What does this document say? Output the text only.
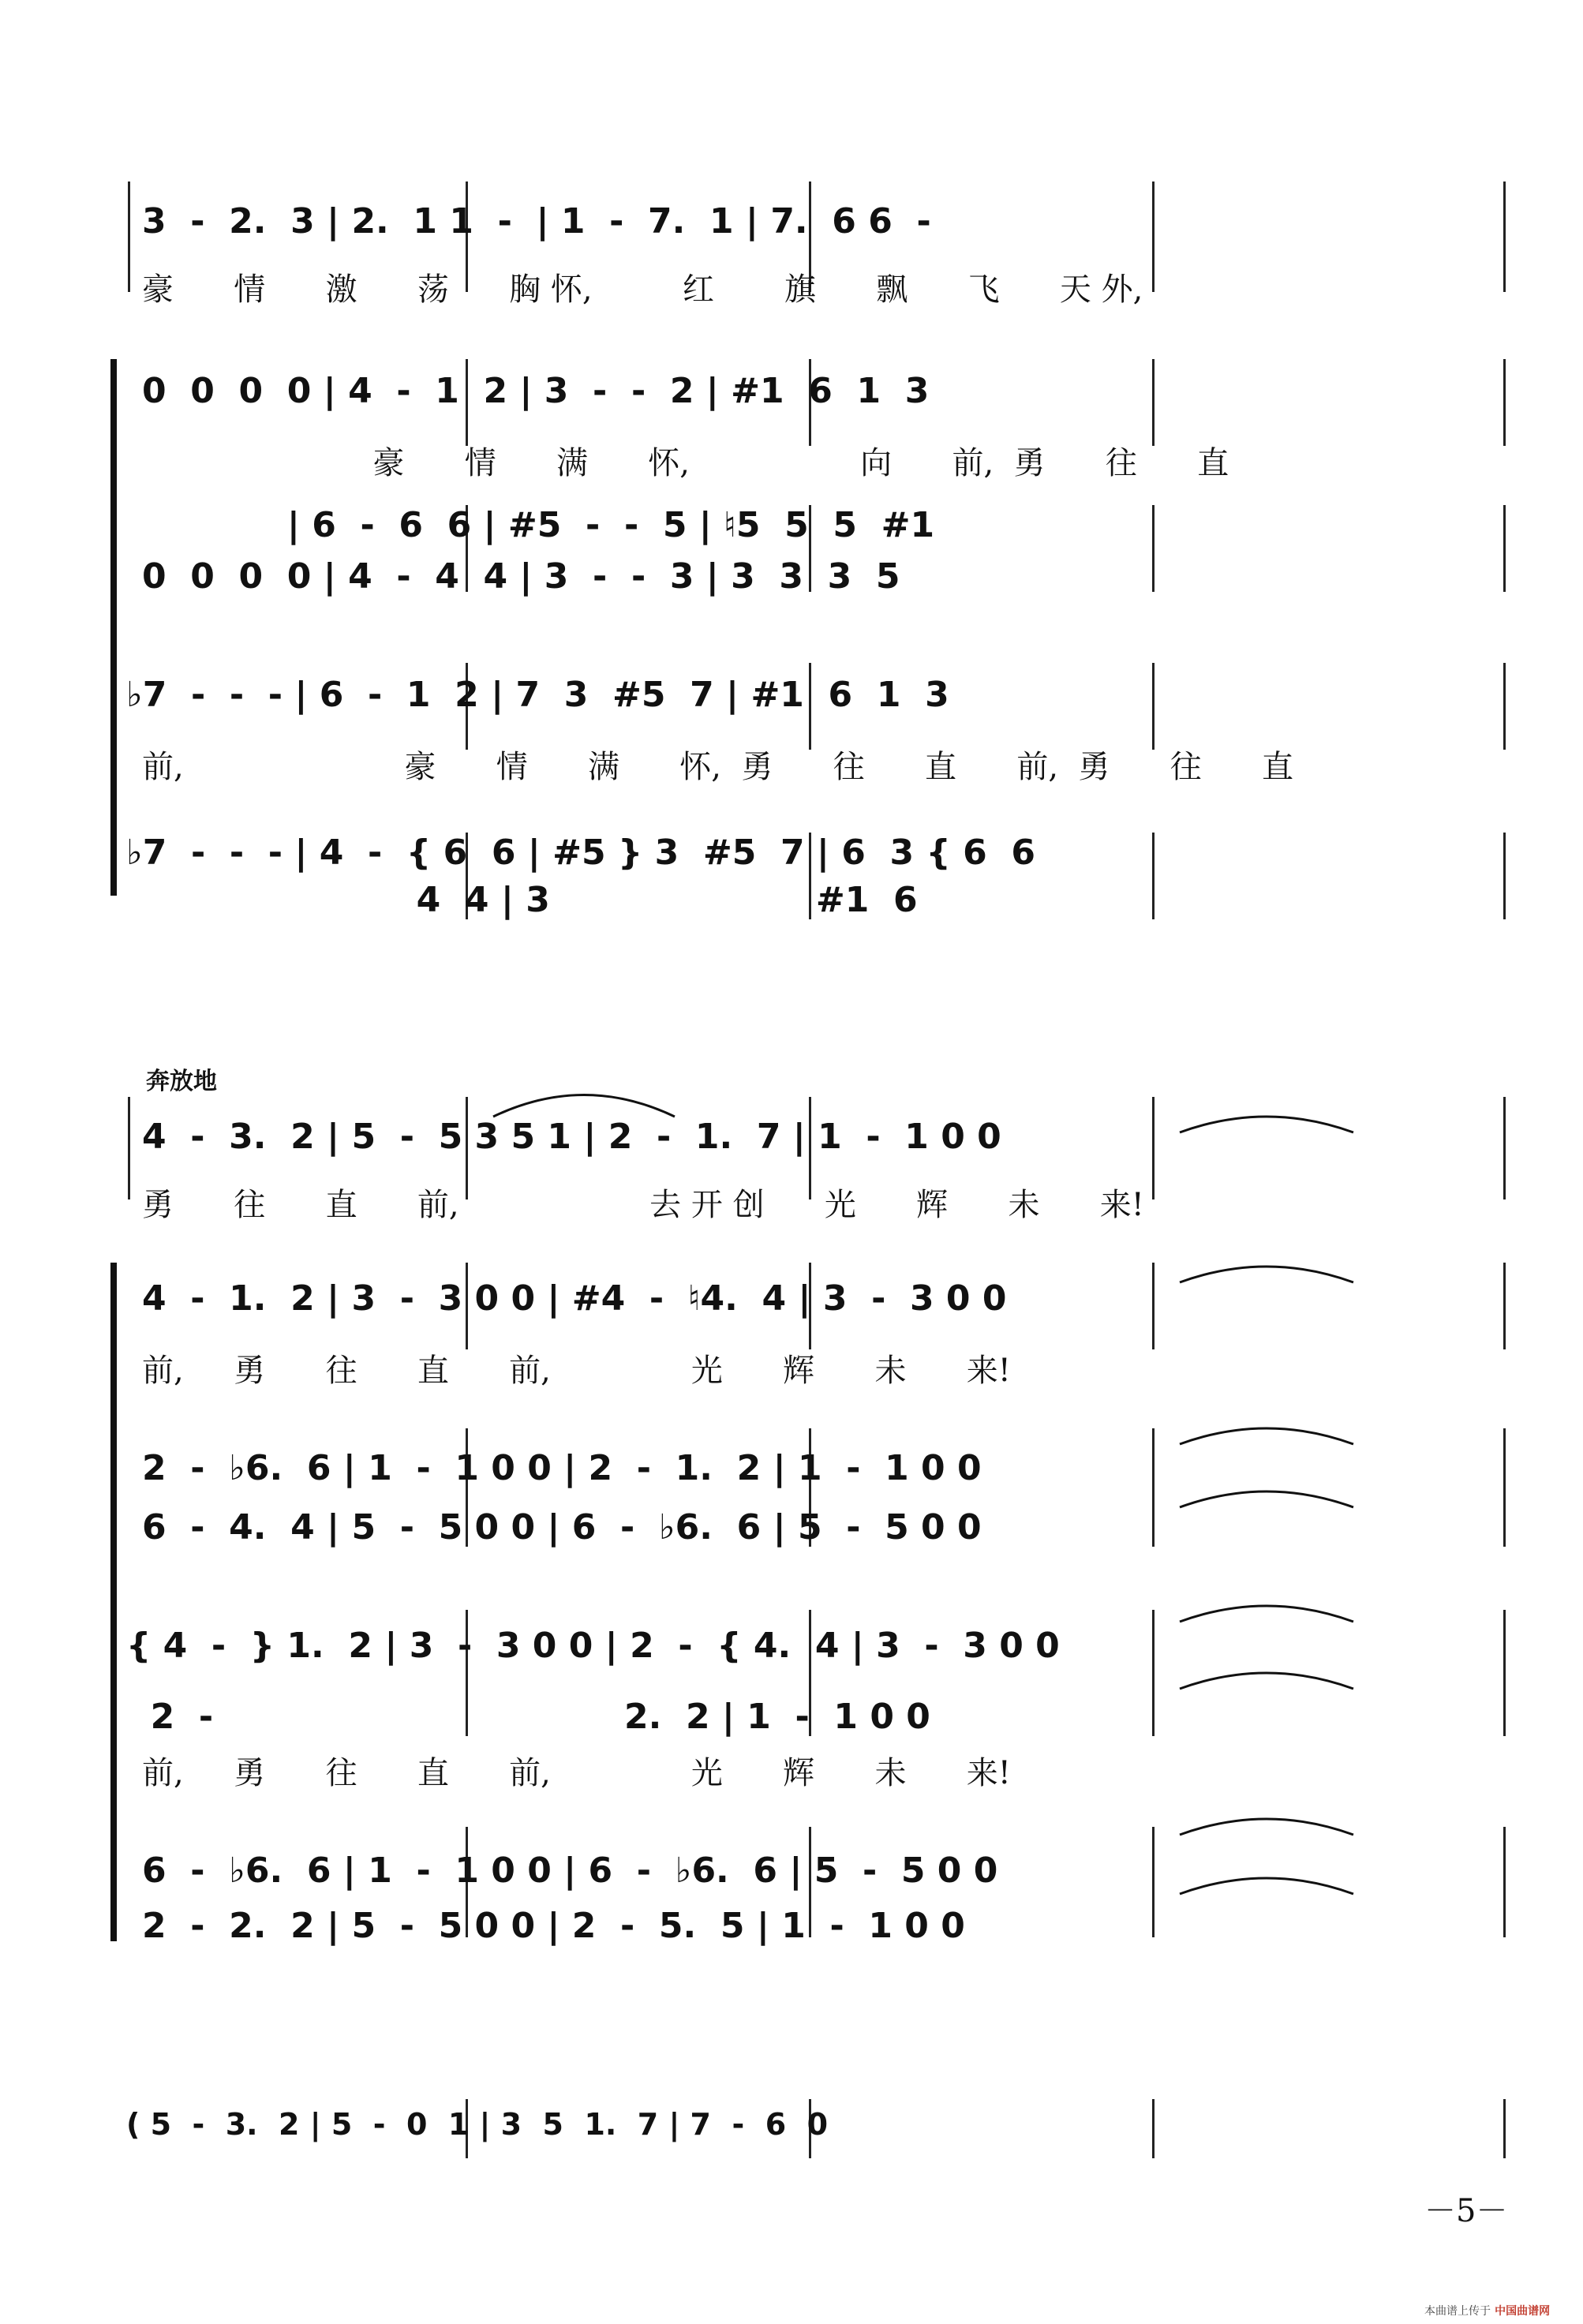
3  -  2.  3 | 2.  1 1  -  | 1  -  7.  1 | 7.  6 6  -
豪      情      激      荡      胸 怀,         红       旗      飘      飞      天 外,
0  0  0  0 | 4  -  1  2 | 3  -  -  2 | #1  6  1  3
豪      情      满      怀,                 向      前,  勇      往      直
| 6  -  6  6 | #5  -  -  5 | ♮5  5  5  #1
0  0  0  0 | 4  -  4  4 | 3  -  -  3 | 3  3  3  5
♭7  -  -  - | 6  -  1  2 | 7  3  #5  7 | #1  6  1  3
前,                      豪      情      满      怀,  勇      往      直      前,  勇      往      直
♭7  -  -  - | 4  -  { 6  6 | #5 } 3  #5  7 | 6  3 { 6  6
4  4 | 3                      #1  6
奔放地
4  -  3.  2 | 5  -  5 3 5 1 | 2  -  1.  7 | 1  -  1 0 0
勇      往      直      前,                   去 开 创      光      辉      未      来!
4  -  1.  2 | 3  -  3 0 0 | #4  -  ♮4.  4 | 3  -  3 0 0
前,     勇      往      直      前,              光      辉      未      来!
2  -  ♭6.  6 | 1  -  1 0 0 | 2  -  1.  2 | 1  -  1 0 0
6  -  4.  4 | 5  -  5 0 0 | 6  -  ♭6.  6 | 5  -  5 0 0
{ 4  -  } 1.  2 | 3  -  3 0 0 | 2  -  { 4.  4 | 3  -  3 0 0
2  -                                  2.  2 | 1  -  1 0 0
前,     勇      往      直      前,              光      辉      未      来!
6  -  ♭6.  6 | 1  -  1 0 0 | 6  -  ♭6.  6 | 5  -  5 0 0
2  -  2.  2 | 5  -  5 0 0 | 2  -  5.  5 | 1  -  1 0 0
( 5  -  3.  2 | 5  -  0  1 | 3  5  1.  7 | 7  -  6  0
－5－
本曲谱上传于 中国曲谱网
